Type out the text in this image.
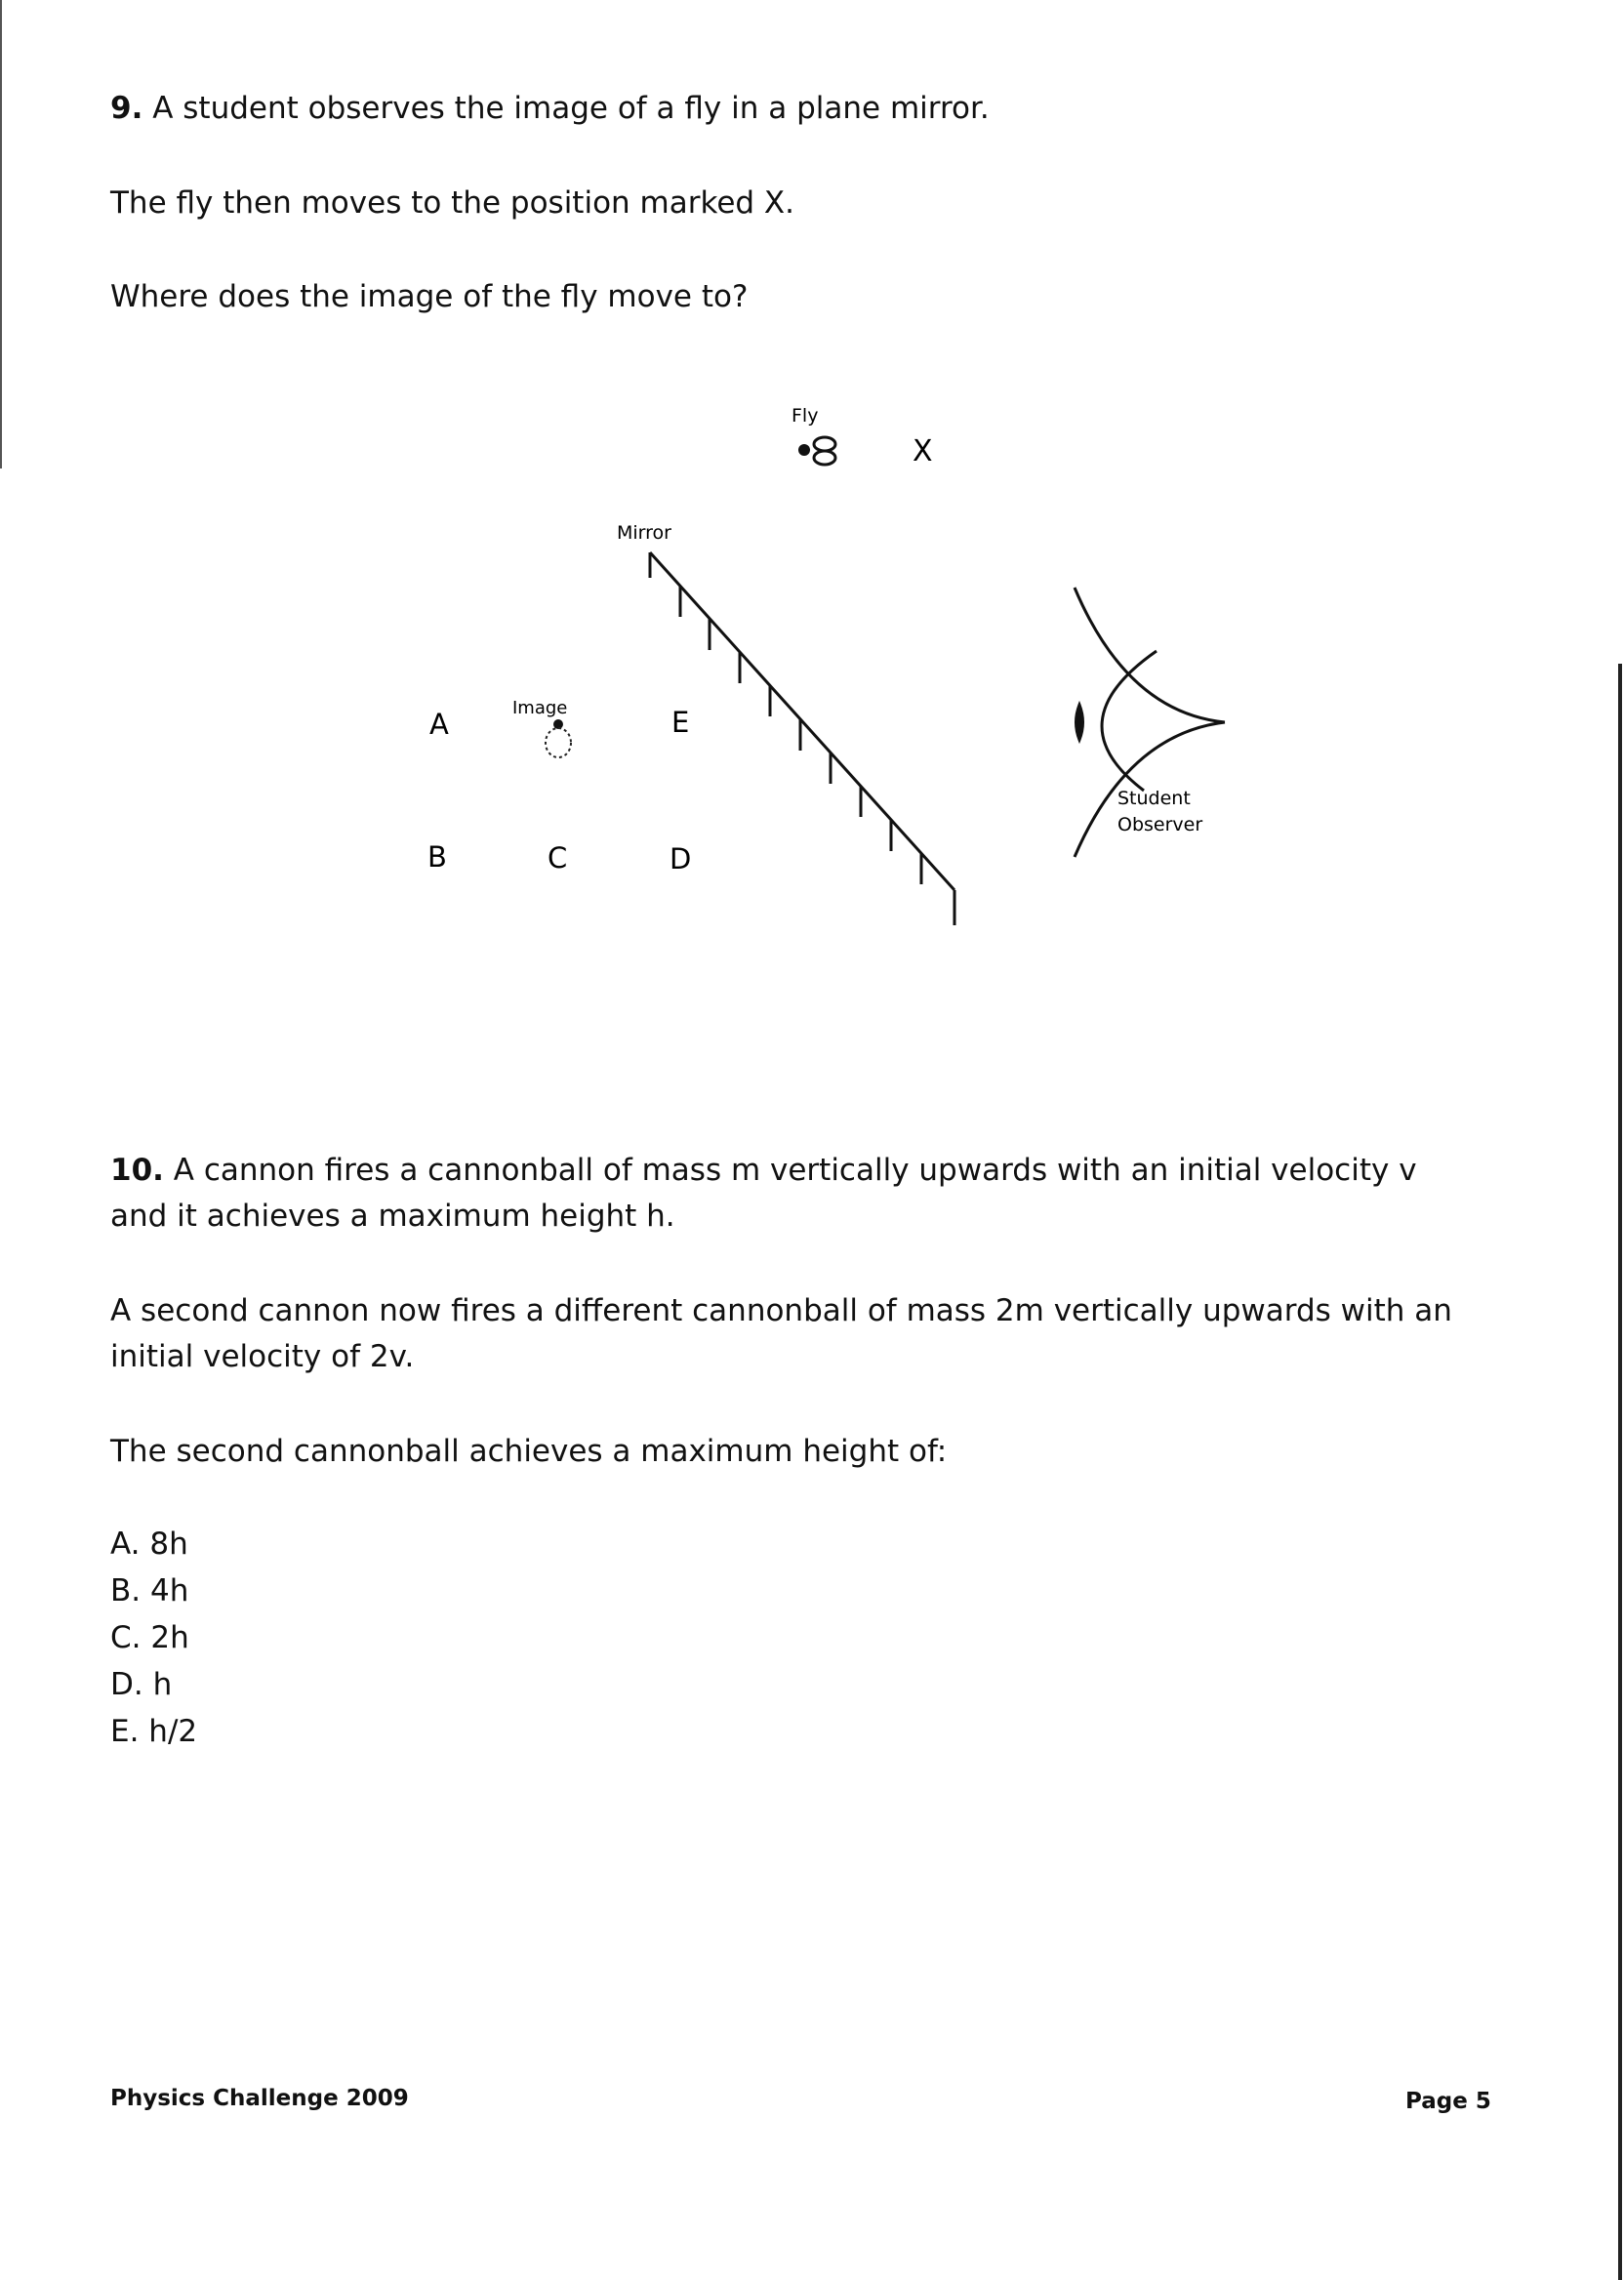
9. A student observes the image of a fly in a plane mirror.

The fly then moves to the position marked X.

Where does the image of the fly move to?

Fly
X
Mirror
Image
A	E
B	C	D
Student
Observer

10. A cannon fires a cannonball of mass m vertically upwards with an initial velocity v

and it achieves a maximum height h.

A second cannon now fires a different cannonball of mass 2m vertically upwards with an

initial velocity of 2v.

The second cannonball achieves a maximum height of:

A. 8h
B. 4h
C. 2h
D. h
E. h/2
Physics Challenge 2009	Page 5
